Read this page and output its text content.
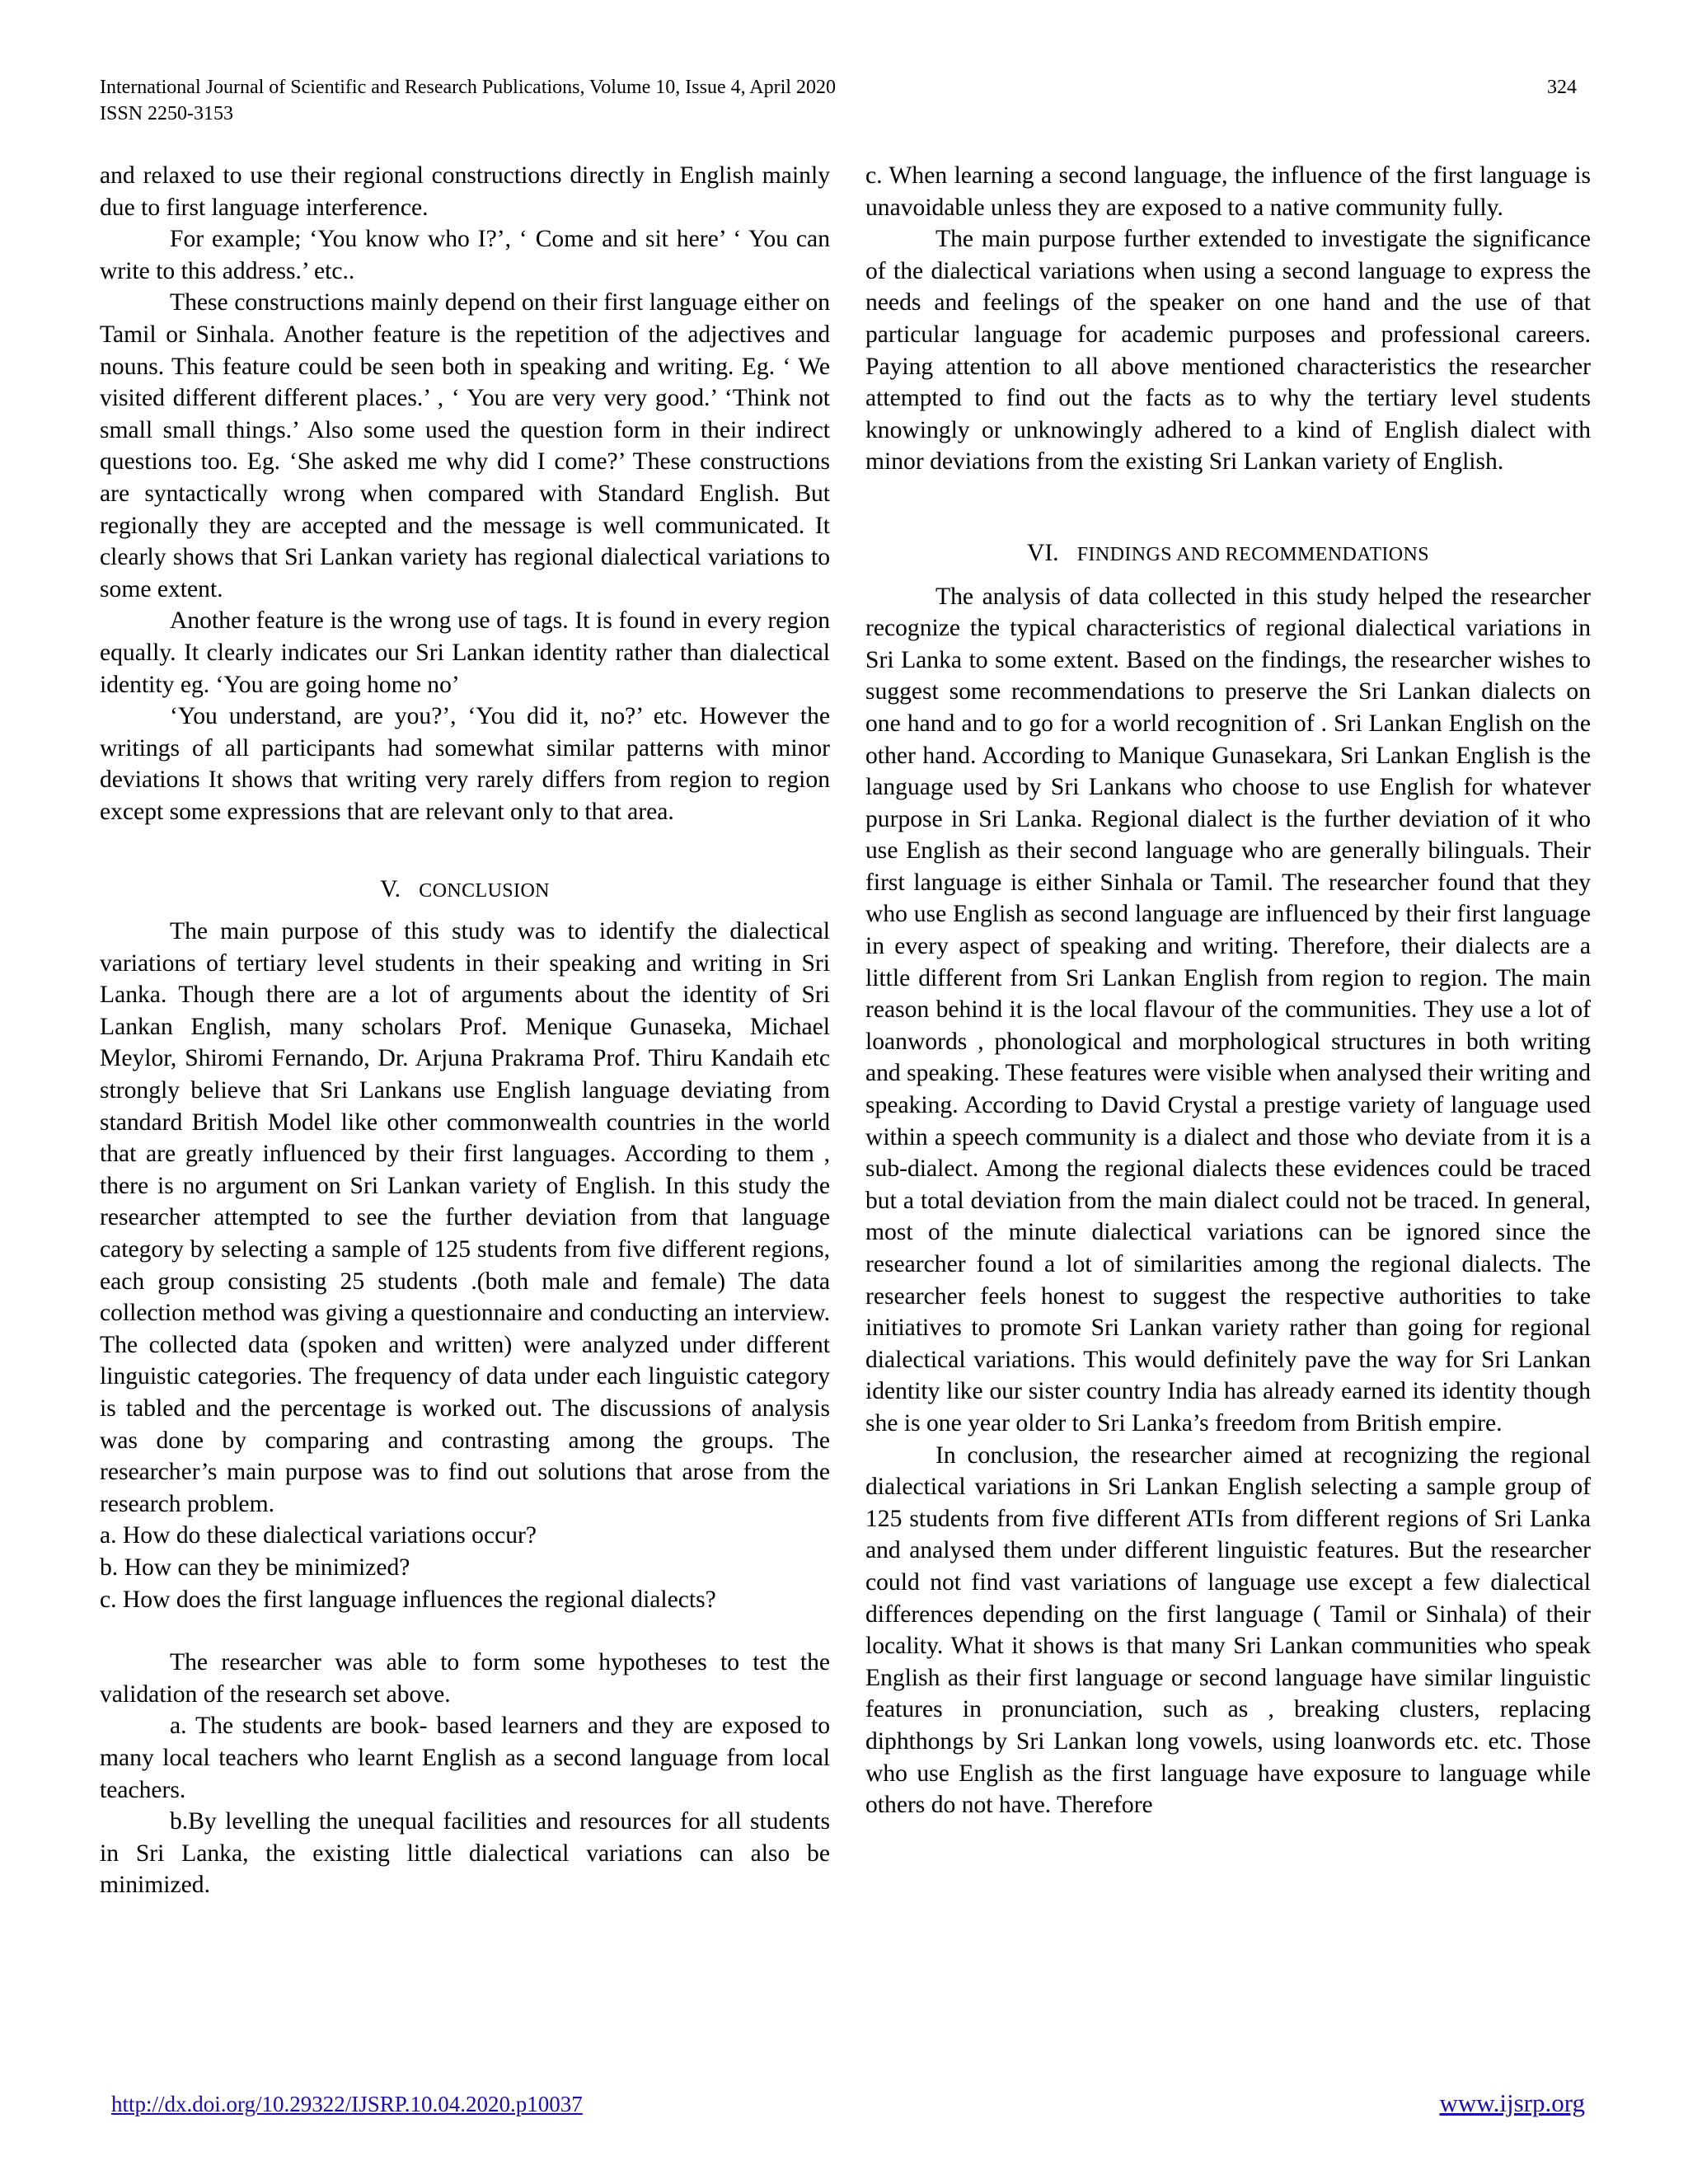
International Journal of Scientific and Research Publications, Volume 10, Issue 4, April 2020
ISSN 2250-3153
324

and relaxed to use their regional constructions directly in English mainly due to first language interference.

For example; ‘You know who I?’, ‘ Come and sit here’ ‘ You can write to this address.’ etc..

These constructions mainly depend on their first language either on Tamil or Sinhala. Another feature is the repetition of the adjectives and nouns. This feature could be seen both in speaking and writing. Eg. ‘ We visited different different places.’ , ‘ You are very very good.’ ‘Think not small small things.’ Also some used the question form in their indirect questions too. Eg. ‘She asked me why did I come?’ These constructions are syntactically wrong when compared with Standard English. But regionally they are accepted and the message is well communicated. It clearly shows that Sri Lankan variety has regional dialectical variations to some extent.

Another feature is the wrong use of tags. It is found in every region equally. It clearly indicates our Sri Lankan identity rather than dialectical identity eg. ‘You are going home no’

‘You understand, are you?’, ‘You did it, no?’ etc. However the writings of all participants had somewhat similar patterns with minor deviations It shows that writing very rarely differs from region to region except some expressions that are relevant only to that area.

V. CONCLUSION

The main purpose of this study was to identify the dialectical variations of tertiary level students in their speaking and writing in Sri Lanka. Though there are a lot of arguments about the identity of Sri Lankan English, many scholars Prof. Menique Gunaseka, Michael Meylor, Shiromi Fernando, Dr. Arjuna Prakrama Prof. Thiru Kandaih etc strongly believe that Sri Lankans use English language deviating from standard British Model like other commonwealth countries in the world that are greatly influenced by their first languages. According to them , there is no argument on Sri Lankan variety of English. In this study the researcher attempted to see the further deviation from that language category by selecting a sample of 125 students from five different regions, each group consisting 25 students .(both male and female) The data collection method was giving a questionnaire and conducting an interview. The collected data (spoken and written) were analyzed under different linguistic categories. The frequency of data under each linguistic category is tabled and the percentage is worked out. The discussions of analysis was done by comparing and contrasting among the groups. The researcher’s main purpose was to find out solutions that arose from the research problem.

a. How do these dialectical variations occur?

b. How can they be minimized?

c. How does the first language influences the regional dialects?

The researcher was able to form some hypotheses to test the validation of the research set above.

a. The students are book- based learners and they are exposed to many local teachers who learnt English as a second language from local teachers.

b.By levelling the unequal facilities and resources for all students in Sri Lanka, the existing little dialectical variations can also be minimized.

c. When learning a second language, the influence of the first language is unavoidable unless they are exposed to a native community fully.

The main purpose further extended to investigate the significance of the dialectical variations when using a second language to express the needs and feelings of the speaker on one hand and the use of that particular language for academic purposes and professional careers. Paying attention to all above mentioned characteristics the researcher attempted to find out the facts as to why the tertiary level students knowingly or unknowingly adhered to a kind of English dialect with minor deviations from the existing Sri Lankan variety of English.

VI. FINDINGS AND RECOMMENDATIONS

The analysis of data collected in this study helped the researcher recognize the typical characteristics of regional dialectical variations in Sri Lanka to some extent. Based on the findings, the researcher wishes to suggest some recommendations to preserve the Sri Lankan dialects on one hand and to go for a world recognition of . Sri Lankan English on the other hand. According to Manique Gunasekara, Sri Lankan English is the language used by Sri Lankans who choose to use English for whatever purpose in Sri Lanka. Regional dialect is the further deviation of it who use English as their second language who are generally bilinguals. Their first language is either Sinhala or Tamil. The researcher found that they who use English as second language are influenced by their first language in every aspect of speaking and writing. Therefore, their dialects are a little different from Sri Lankan English from region to region. The main reason behind it is the local flavour of the communities. They use a lot of loanwords , phonological and morphological structures in both writing and speaking. These features were visible when analysed their writing and speaking. According to David Crystal a prestige variety of language used within a speech community is a dialect and those who deviate from it is a sub-dialect. Among the regional dialects these evidences could be traced but a total deviation from the main dialect could not be traced. In general, most of the minute dialectical variations can be ignored since the researcher found a lot of similarities among the regional dialects. The researcher feels honest to suggest the respective authorities to take initiatives to promote Sri Lankan variety rather than going for regional dialectical variations. This would definitely pave the way for Sri Lankan identity like our sister country India has already earned its identity though she is one year older to Sri Lanka’s freedom from British empire.

In conclusion, the researcher aimed at recognizing the regional dialectical variations in Sri Lankan English selecting a sample group of 125 students from five different ATIs from different regions of Sri Lanka and analysed them under different linguistic features. But the researcher could not find vast variations of language use except a few dialectical differences depending on the first language ( Tamil or Sinhala) of their locality. What it shows is that many Sri Lankan communities who speak English as their first language or second language have similar linguistic features in pronunciation, such as , breaking clusters, replacing diphthongs by Sri Lankan long vowels, using loanwords etc. etc. Those who use English as the first language have exposure to language while others do not have. Therefore

http://dx.doi.org/10.29322/IJSRP.10.04.2020.p10037	www.ijsrp.org
